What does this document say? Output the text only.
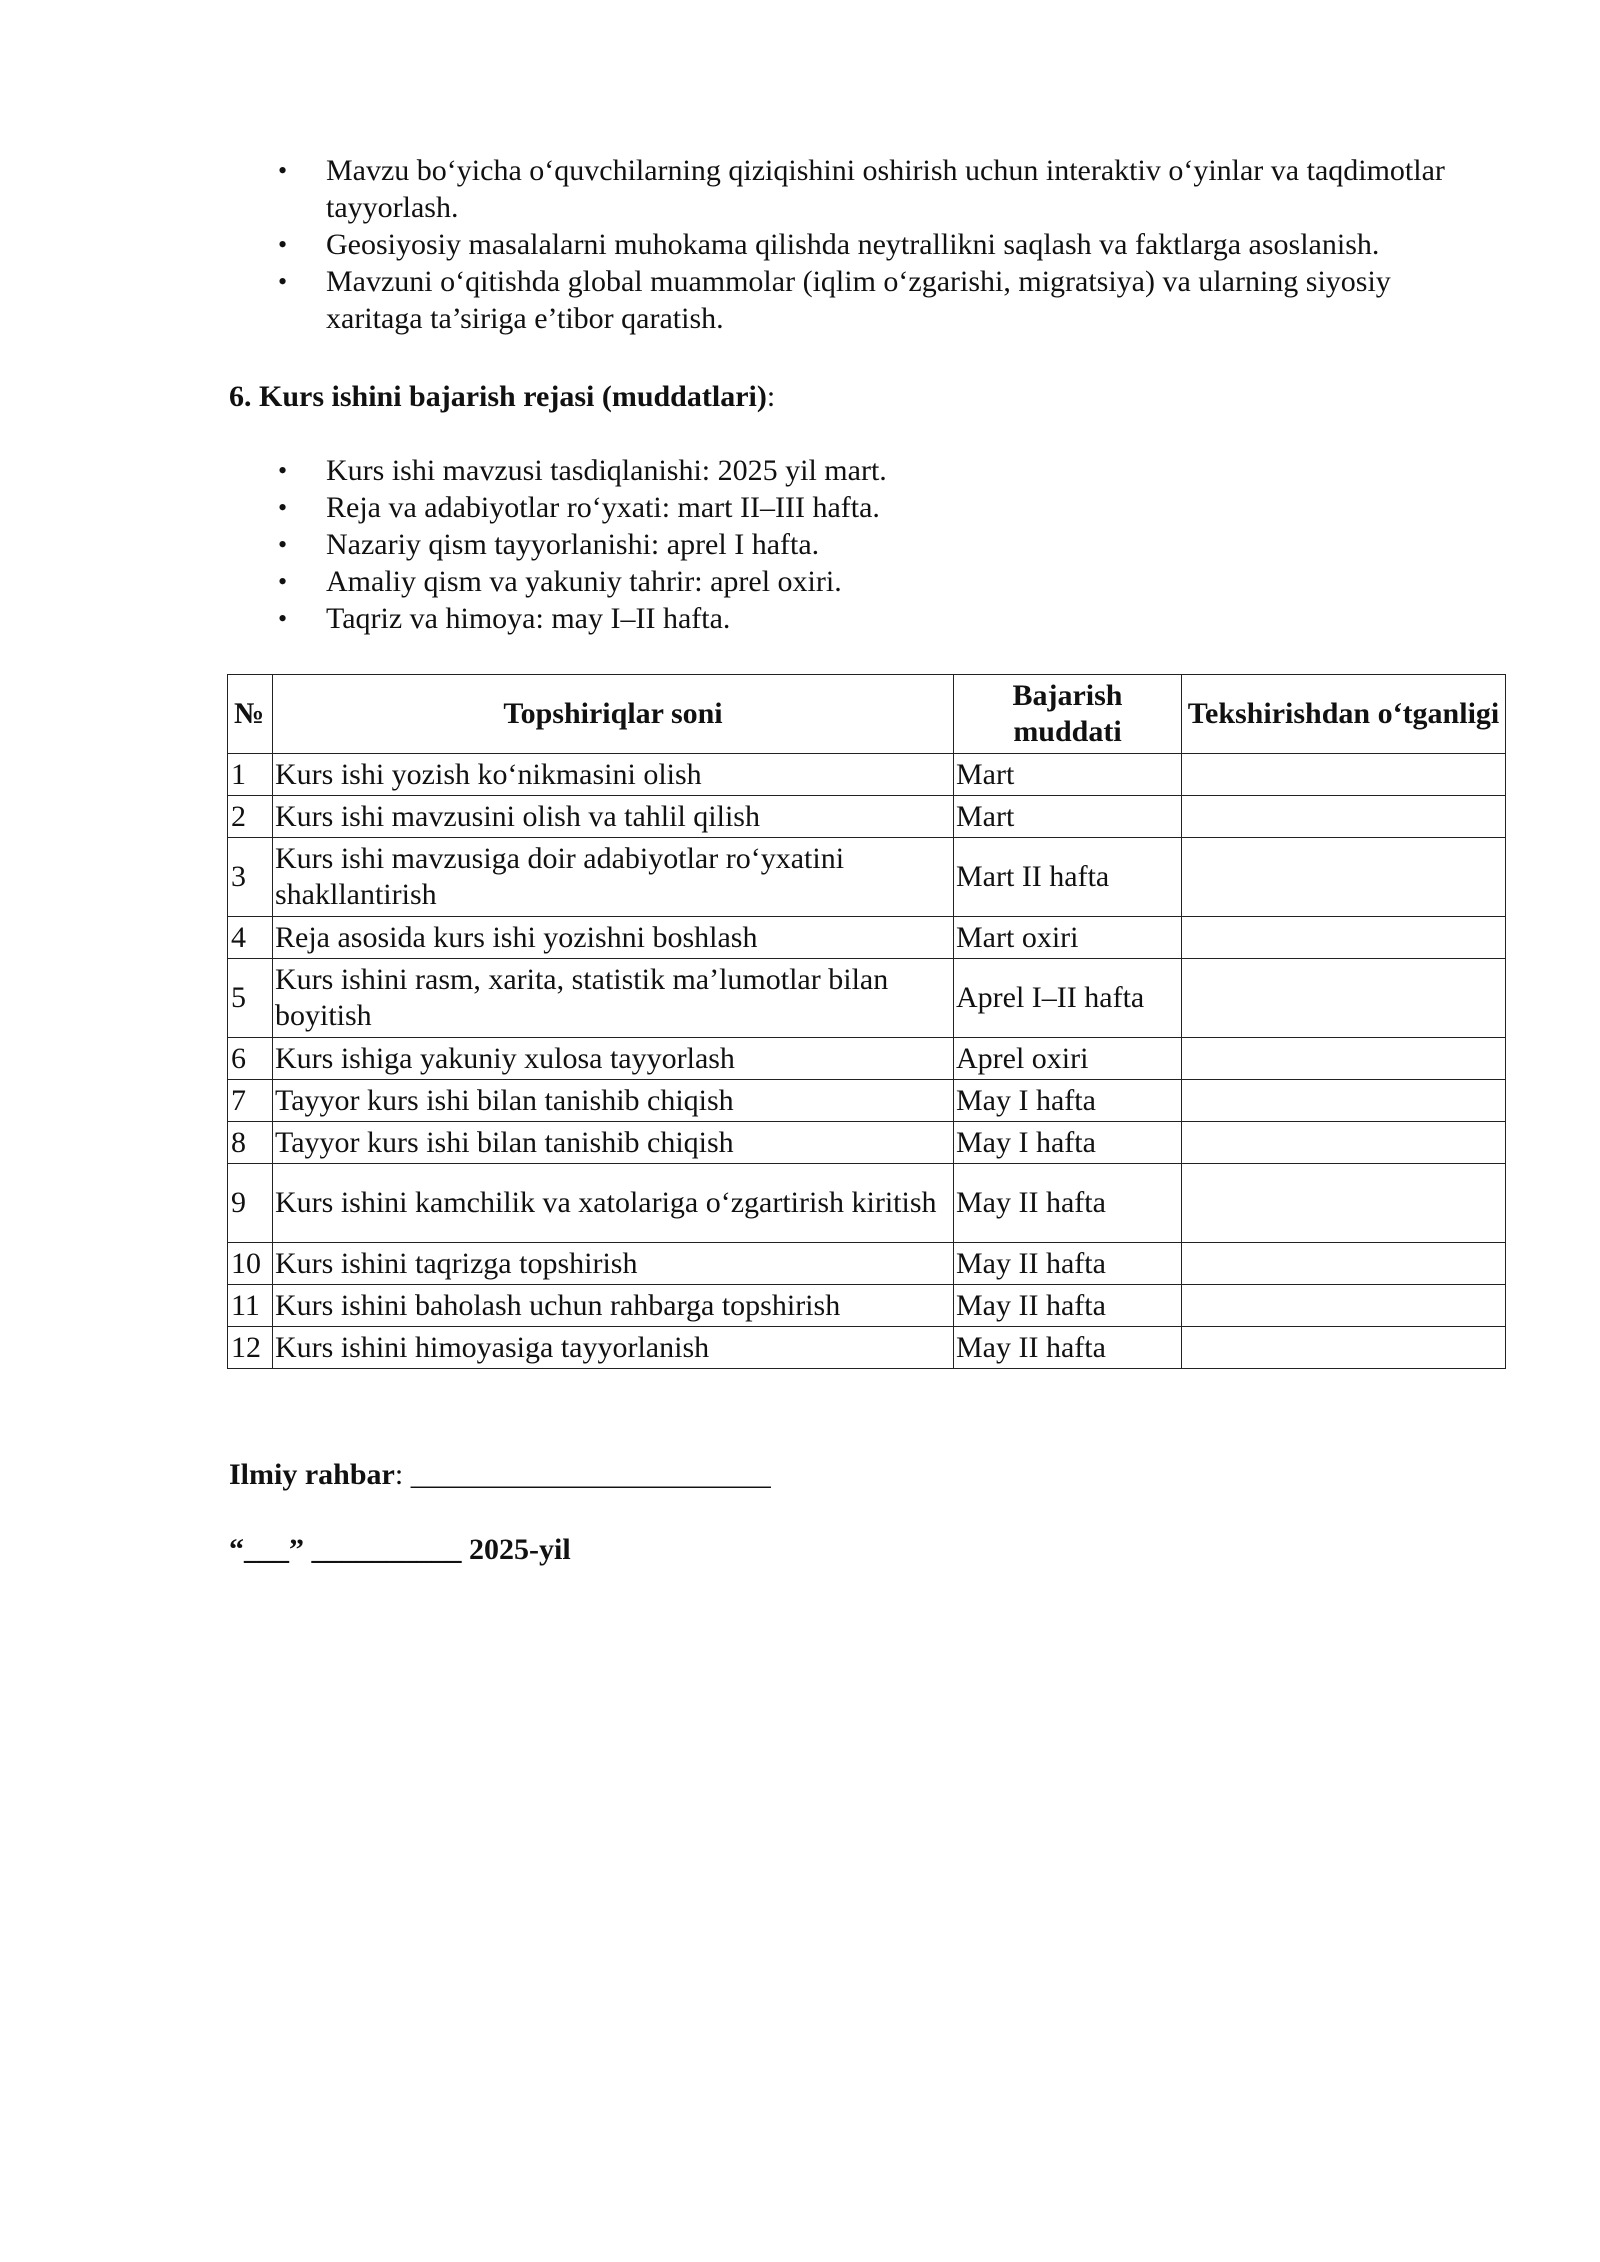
• Mavzu bo‘yicha o‘quvchilarning qiziqishini oshirish uchun interaktiv o‘yinlar va taqdimotlar tayyorlash.
• Geosiyosiy masalalarni muhokama qilishda neytrallikni saqlash va faktlarga asoslanish.
• Mavzuni o‘qitishda global muammolar (iqlim o‘zgarishi, migratsiya) va ularning siyosiy xaritaga ta’siriga e’tibor qaratish.
6. Kurs ishini bajarish rejasi (muddatlari):
• Kurs ishi mavzusi tasdiqlanishi: 2025 yil mart.
• Reja va adabiyotlar ro‘yxati: mart II–III hafta.
• Nazariy qism tayyorlanishi: aprel I hafta.
• Amaliy qism va yakuniy tahrir: aprel oxiri.
• Taqriz va himoya: may I–II hafta.
№	Topshiriqlar soni	Bajarish muddati	Tekshirishdan o‘tganligi
1	Kurs ishi yozish ko‘nikmasini olish	Mart	
2	Kurs ishi mavzusini olish va tahlil qilish	Mart	
3	Kurs ishi mavzusiga doir adabiyotlar ro‘yxatini shakllantirish	Mart II hafta	
4	Reja asosida kurs ishi yozishni boshlash	Mart oxiri	
5	Kurs ishini rasm, xarita, statistik ma’lumotlar bilan boyitish	Aprel I–II hafta	
6	Kurs ishiga yakuniy xulosa tayyorlash	Aprel oxiri	
7	Tayyor kurs ishi bilan tanishib chiqish	May I hafta	
8	Tayyor kurs ishi bilan tanishib chiqish	May I hafta	
9	Kurs ishini kamchilik va xatolariga o‘zgartirish kiritish	May II hafta	
10	Kurs ishini taqrizga topshirish	May II hafta	
11	Kurs ishini baholash uchun rahbarga topshirish	May II hafta	
12	Kurs ishini himoyasiga tayyorlanish	May II hafta	
Ilmiy rahbar: ________________________
“___” __________ 2025-yil
